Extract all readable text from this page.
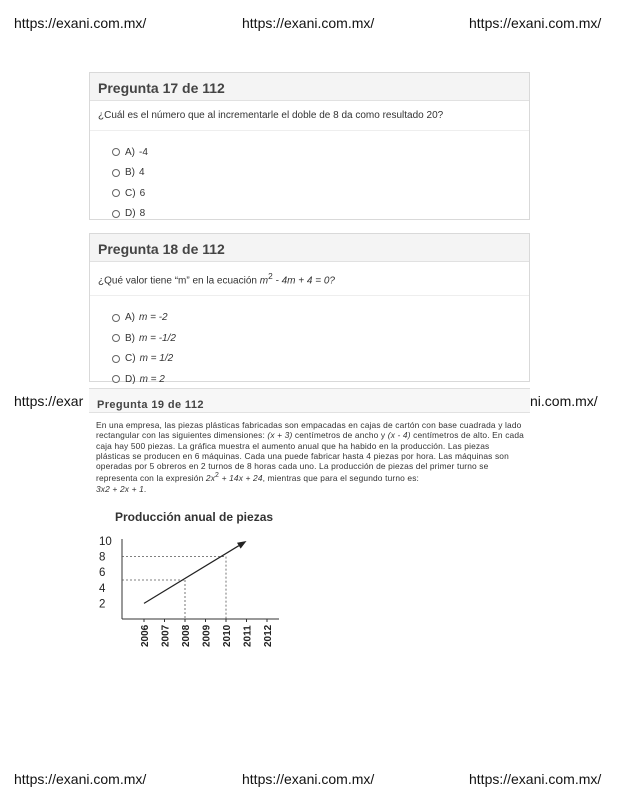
https://exani.com.mx/	https://exani.com.mx/	https://exani.com.mx/
https://exar	ni.com.mx/
https://exani.com.mx/	https://exani.com.mx/	https://exani.com.mx/
Pregunta 17 de 112
¿Cuál es el número que al incrementarle el doble de 8 da como resultado 20?
A) -4
B) 4
C) 6
D) 8
Pregunta 18 de 112
¿Qué valor tiene “m” en la ecuación $m^2 - 4m + 4 = 0$?
A) m = -2
B) m = -1/2
C) m = 1/2
D) m = 2
Pregunta 19 de 112
En una empresa, las piezas plásticas fabricadas son empacadas en cajas de cartón con base cuadrada y lado rectangular con las siguientes dimensiones: (x + 3) centímetros de ancho y (x - 4) centímetros de alto. En cada caja hay 500 piezas. La gráfica muestra el aumento anual que ha habido en la producción. Las piezas plásticas se producen en 6 máquinas. Cada una puede fabricar hasta 4 piezas por hora. Las máquinas son operadas por 5 obreros en 2 turnos de 8 horas cada uno. La producción de piezas del primer turno se representa con la expresión $2x^2 + 14x + 24$, mientras que para el segundo turno es:
3x2 + 2x + 1.
Producción anual de piezas
2
4
6
8
10
2006 2007 2008 2009 2010 2011 2012
